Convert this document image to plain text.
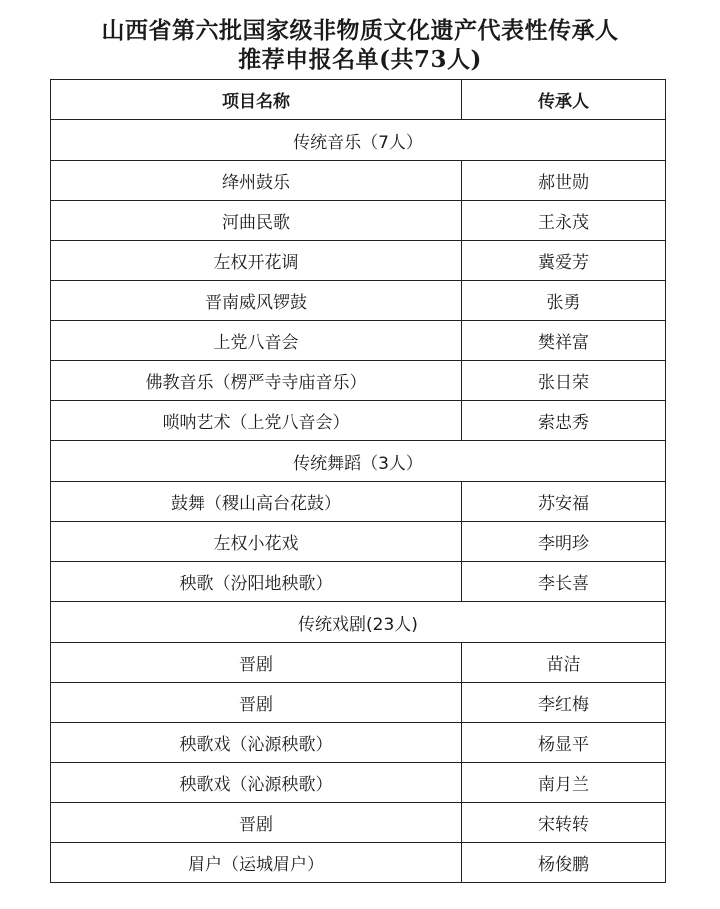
山西省第六批国家级非物质文化遗产代表性传承人
推荐申报名单(共73人)
项目名称	传承人
传统音乐（7人）	
绛州鼓乐	郝世勋
河曲民歌	王永茂
左权开花调	冀爱芳
晋南威风锣鼓	张勇
上党八音会	樊祥富
佛教音乐（楞严寺寺庙音乐）	张日荣
唢呐艺术（上党八音会）	索忠秀
传统舞蹈（3人）	
鼓舞（稷山高台花鼓）	苏安福
左权小花戏	李明珍
秧歌（汾阳地秧歌）	李长喜
传统戏剧(23人)	
晋剧	苗洁
晋剧	李红梅
秧歌戏（沁源秧歌）	杨显平
秧歌戏（沁源秧歌）	南月兰
晋剧	宋转转
眉户（运城眉户）	杨俊鹏
